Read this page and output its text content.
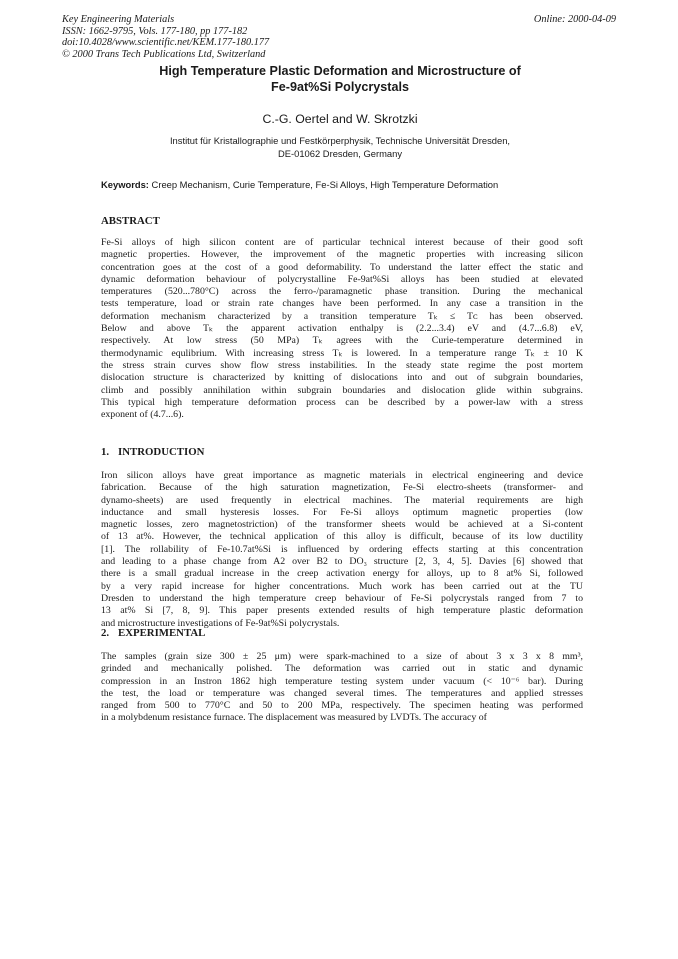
Key Engineering Materials
ISSN: 1662-9795, Vols. 177-180, pp 177-182
doi:10.4028/www.scientific.net/KEM.177-180.177
© 2000 Trans Tech Publications Ltd, Switzerland
Online: 2000-04-09
High Temperature Plastic Deformation and Microstructure of
Fe-9at%Si Polycrystals
C.-G. Oertel and W. Skrotzki
Institut für Kristallographie und Festkörperphysik, Technische Universität Dresden,
DE-01062 Dresden, Germany
Keywords: Creep Mechanism, Curie Temperature, Fe-Si Alloys, High Temperature Deformation
ABSTRACT
Fe-Si alloys of high silicon content are of particular technical interest because of their good soft
magnetic properties. However, the improvement of the magnetic properties with increasing silicon
concentration goes at the cost of a good deformability. To understand the latter effect the static and
dynamic deformation behaviour of polycrystalline Fe-9at%Si alloys has been studied at elevated
temperatures (520...780°C) across the ferro-/paramagnetic phase transition. During the mechanical
tests temperature, load or strain rate changes have been performed. In any case a transition in the
deformation mechanism characterized by a transition temperature Tₖ ≤ Tᴄ has been observed.
Below and above Tₖ the apparent activation enthalpy is (2.2...3.4) eV and (4.7...6.8) eV,
respectively. At low stress (50 MPa) Tₖ agrees with the Curie-temperature determined in
thermodynamic equlibrium. With increasing stress Tₖ is lowered. In a temperature range Tₖ ± 10 K
the stress strain curves show flow stress instabilities. In the steady state regime the post mortem
dislocation structure is characterized by knitting of dislocations into and out of subgrain boundaries,
climb and possibly annihilation within subgrain boundaries and dislocation glide within subgrains.
This typical high temperature deformation process can be described by a power-law with a stress
exponent of (4.7...6).
1. INTRODUCTION
Iron silicon alloys have great importance as magnetic materials in electrical engineering and device
fabrication. Because of the high saturation magnetization, Fe-Si electro-sheets (transformer- and
dynamo-sheets) are used frequently in electrical machines. The material requirements are high
inductance and small hysteresis losses. For Fe-Si alloys optimum magnetic properties (low
magnetic losses, zero magnetostriction) of the transformer sheets would be achieved at a Si-content
of 13 at%. However, the technical application of this alloy is difficult, because of its low ductility
[1]. The rollability of Fe-10.7at%Si is influenced by ordering effects starting at this concentration
and leading to a phase change from A2 over B2 to DO₃ structure [2, 3, 4, 5]. Davies [6] showed that
there is a small gradual increase in the creep activation energy for alloys, up to 8 at% Si, followed
by a very rapid increase for higher concentrations. Much work has been carried out at the TU
Dresden to understand the high temperature creep behaviour of Fe-Si polycrystals ranged from 7 to
13 at% Si [7, 8, 9]. This paper presents extended results of high temperature plastic deformation
and microstructure investigations of Fe-9at%Si polycrystals.
2. EXPERIMENTAL
The samples (grain size 300 ± 25 μm) were spark-machined to a size of about 3 x 3 x 8 mm³,
grinded and mechanically polished. The deformation was carried out in static and dynamic
compression in an Instron 1862 high temperature testing system under vacuum (< 10⁻⁶ bar). During
the test, the load or temperature was changed several times. The temperatures and applied stresses
ranged from 500 to 770°C and 50 to 200 MPa, respectively. The specimen heating was performed
in a molybdenum resistance furnace. The displacement was measured by LVDTs. The accuracy of
